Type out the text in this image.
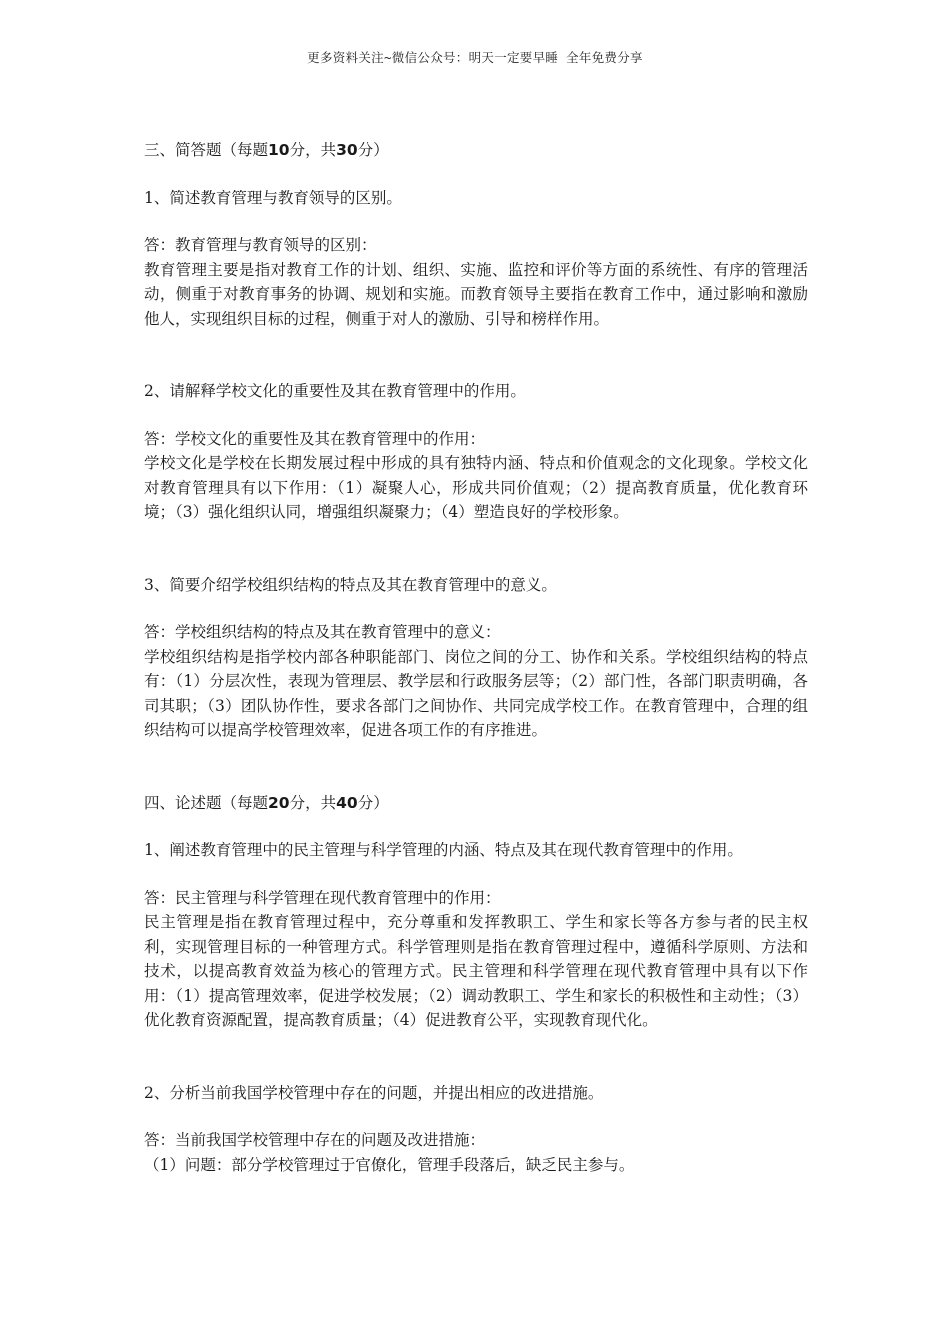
更多资料关注~微信公众号：明天一定要早睡 全年免费分享

三、简答题（每题10分，共30分）

1、简述教育管理与教育领导的区别。

答：教育管理与教育领导的区别：

教育管理主要是指对教育工作的计划、组织、实施、监控和评价等方面的系统性、有序的管理活动，侧重于对教育事务的协调、规划和实施。而教育领导主要指在教育工作中，通过影响和激励他人，实现组织目标的过程，侧重于对人的激励、引导和榜样作用。

2、请解释学校文化的重要性及其在教育管理中的作用。

答：学校文化的重要性及其在教育管理中的作用：

学校文化是学校在长期发展过程中形成的具有独特内涵、特点和价值观念的文化现象。学校文化对教育管理具有以下作用：（1）凝聚人心，形成共同价值观；（2）提高教育质量，优化教育环境；（3）强化组织认同，增强组织凝聚力；（4）塑造良好的学校形象。

3、简要介绍学校组织结构的特点及其在教育管理中的意义。

答：学校组织结构的特点及其在教育管理中的意义：

学校组织结构是指学校内部各种职能部门、岗位之间的分工、协作和关系。学校组织结构的特点有：（1）分层次性，表现为管理层、教学层和行政服务层等；（2）部门性，各部门职责明确，各司其职；（3）团队协作性，要求各部门之间协作、共同完成学校工作。在教育管理中，合理的组织结构可以提高学校管理效率，促进各项工作的有序推进。

四、论述题（每题20分，共40分）

1、阐述教育管理中的民主管理与科学管理的内涵、特点及其在现代教育管理中的作用。

答：民主管理与科学管理在现代教育管理中的作用：

民主管理是指在教育管理过程中，充分尊重和发挥教职工、学生和家长等各方参与者的民主权利，实现管理目标的一种管理方式。科学管理则是指在教育管理过程中，遵循科学原则、方法和技术，以提高教育效益为核心的管理方式。民主管理和科学管理在现代教育管理中具有以下作用：（1）提高管理效率，促进学校发展；（2）调动教职工、学生和家长的积极性和主动性；（3）优化教育资源配置，提高教育质量；（4）促进教育公平，实现教育现代化。

2、分析当前我国学校管理中存在的问题，并提出相应的改进措施。

答：当前我国学校管理中存在的问题及改进措施：

（1）问题：部分学校管理过于官僚化，管理手段落后，缺乏民主参与。
